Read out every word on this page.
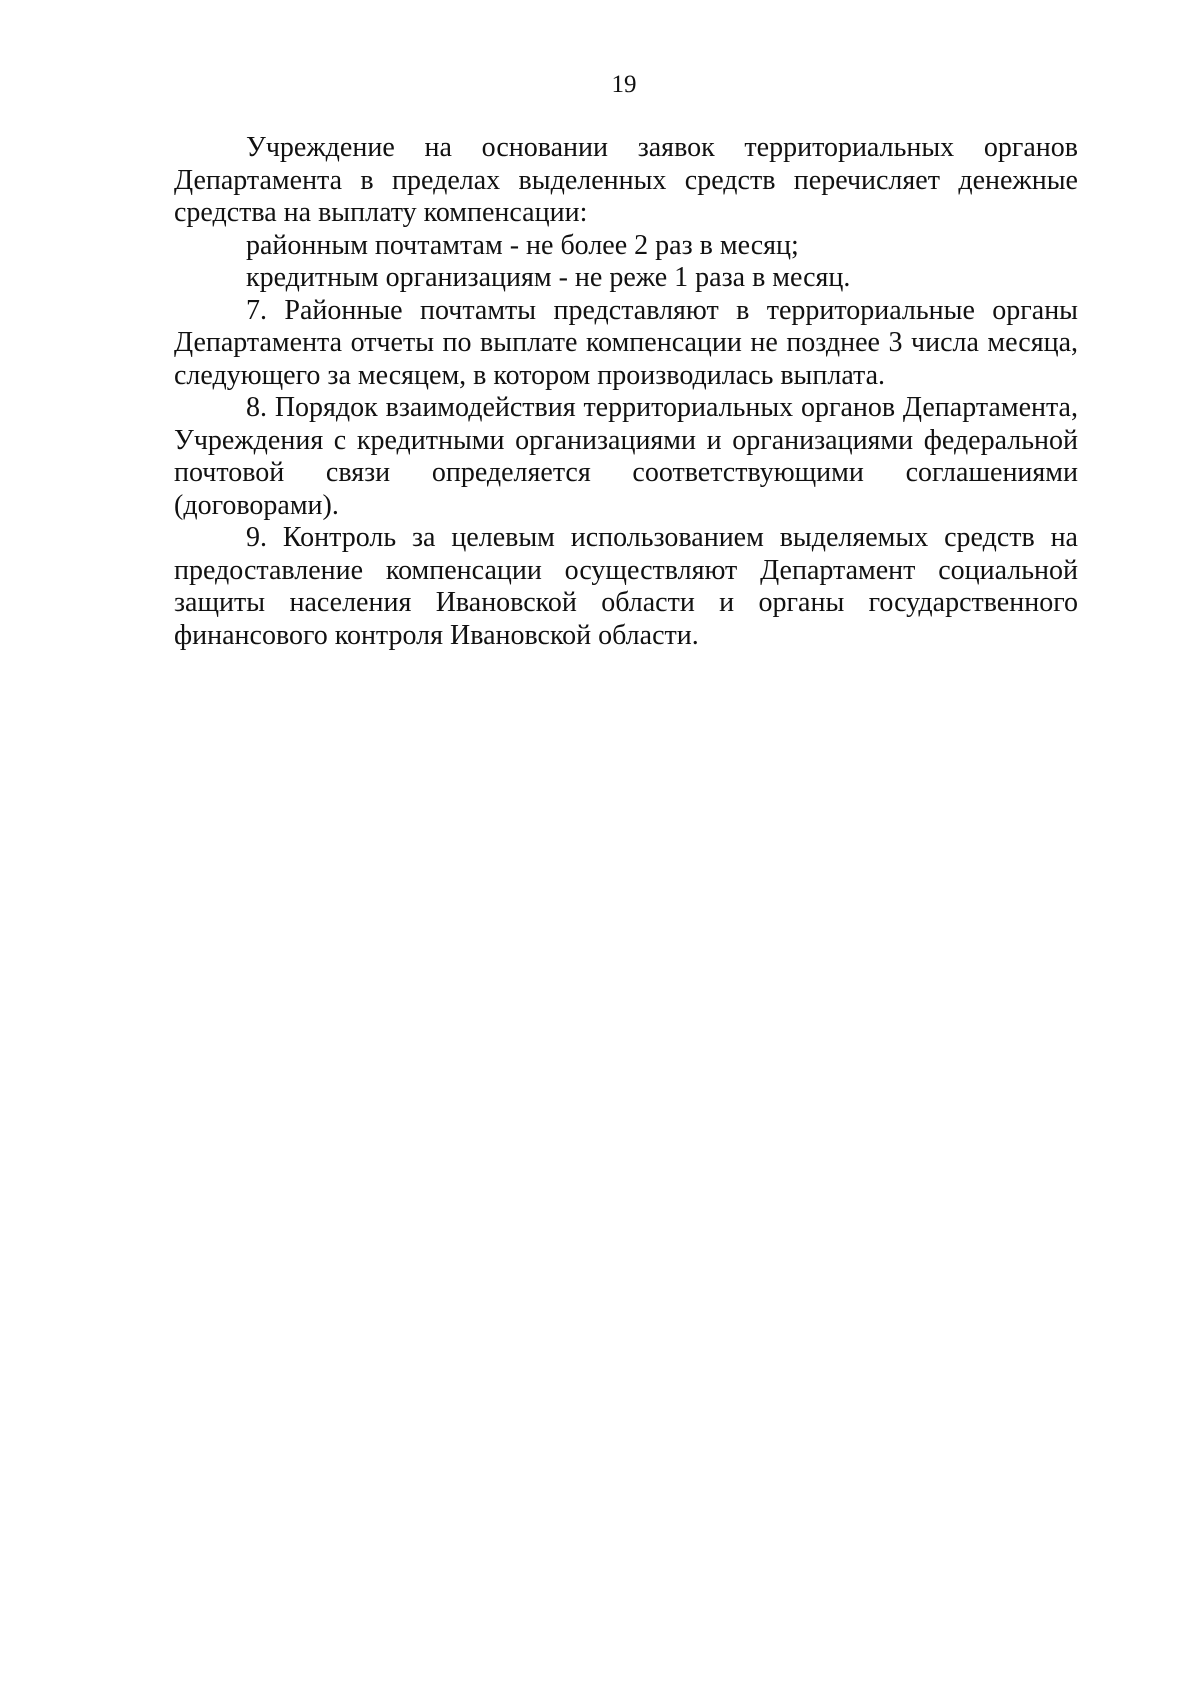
19

Учреждение на основании заявок территориальных органов Департамента в пределах выделенных средств перечисляет денежные средства на выплату компенсации:

районным почтамтам - не более 2 раз в месяц;

кредитным организациям - не реже 1 раза в месяц.

7. Районные почтамты представляют в территориальные органы Департамента отчеты по выплате компенсации не позднее 3 числа месяца, следующего за месяцем, в котором производилась выплата.

8. Порядок взаимодействия территориальных органов Департамента, Учреждения с кредитными организациями и организациями федеральной почтовой связи определяется соответствующими соглашениями (договорами).

9. Контроль за целевым использованием выделяемых средств на предоставление компенсации осуществляют Департамент социальной защиты населения Ивановской области и органы государственного финансового контроля Ивановской области.
